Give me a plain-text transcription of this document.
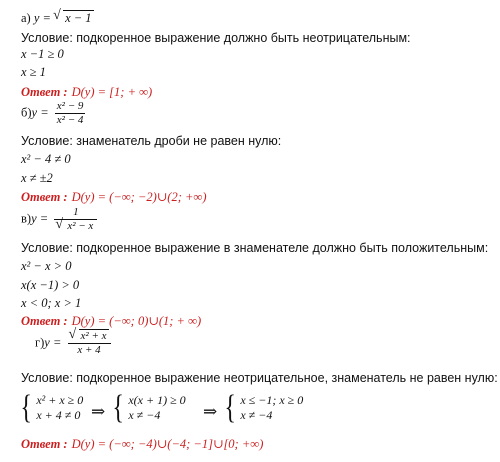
а) y = √ x − 1
Условие: подкоренное выражение должно быть неотрицательным:
x −1 ≥ 0
x ≥ 1
Ответ : D(y) = [1; + ∞)
$б)y = \frac{\text{x² − 9}}{\text{x² − 4}}$
Условие: знаменатель дроби не равен нулю:
x² − 4 ≠ 0
x ≠ ±2
Ответ : D(y) = (−∞; −2)∪(2; +∞)
в)y = 1
√ x² − x
Условие: подкоренное выражение в знаменателе должно быть положительным:
x² − x > 0
x(x −1) > 0
x < 0; x > 1
Ответ : D(y) = (−∞; 0)∪(1; + ∞)
г)y =
√ $\frac{\text{x² + x}}{x + 4}$
Условие: подкоренное выражение неотрицательное, знаменатель не равен нулю:
{ x² + x ≥ 0
x + 4 ≠ 0 ⇒ { x(x + 1) ≥ 0
x ≠ −4	⇒ { x ≤ −1; x ≥ 0
x ≠ −4
Ответ : D(y) = (−∞; −4)∪(−4; −1]∪[0; +∞)
